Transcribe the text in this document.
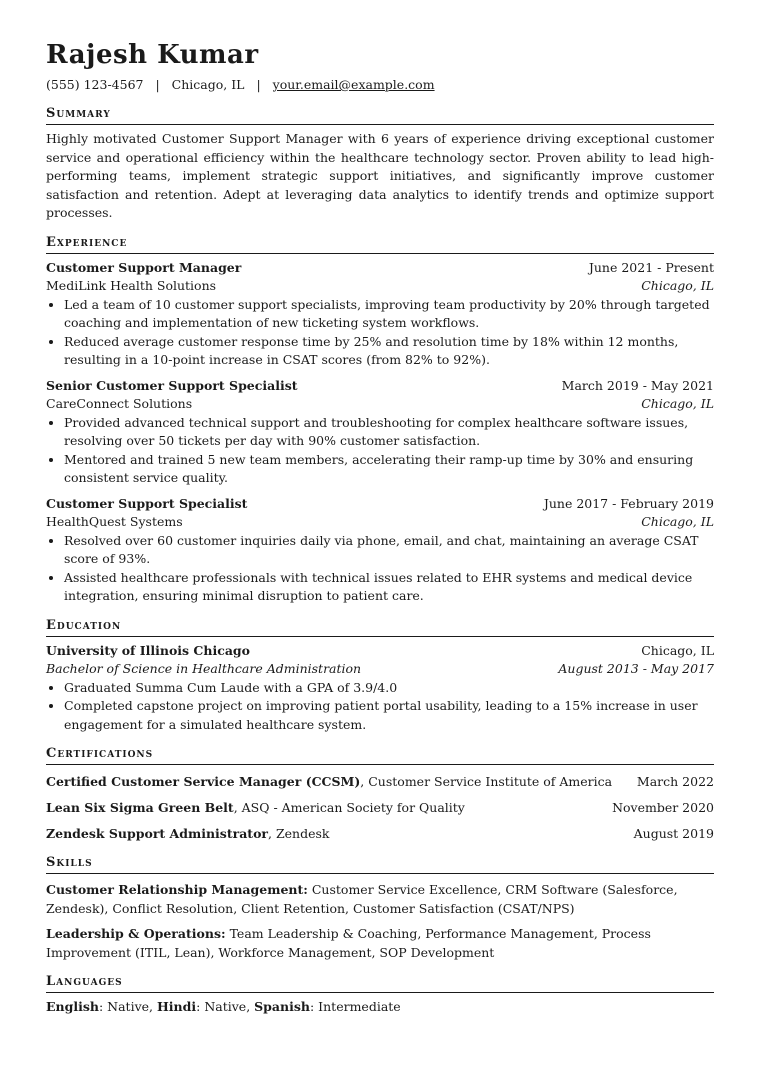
Rajesh Kumar
(555) 123-4567 | Chicago, IL | your.email@example.com
Summary
Highly motivated Customer Support Manager with 6 years of experience driving exceptional customer service and operational efficiency within the healthcare technology sector. Proven ability to lead high-performing teams, implement strategic support initiatives, and significantly improve customer satisfaction and retention. Adept at leveraging data analytics to identify trends and optimize support processes.
Experience
Customer Support Manager	June 2021 - Present
MediLink Health Solutions	Chicago, IL
• Led a team of 10 customer support specialists, improving team productivity by 20% through targeted coaching and implementation of new ticketing system workflows.
• Reduced average customer response time by 25% and resolution time by 18% within 12 months, resulting in a 10-point increase in CSAT scores (from 82% to 92%).
Senior Customer Support Specialist	March 2019 - May 2021
CareConnect Solutions	Chicago, IL
• Provided advanced technical support and troubleshooting for complex healthcare software issues, resolving over 50 tickets per day with 90% customer satisfaction.
• Mentored and trained 5 new team members, accelerating their ramp-up time by 30% and ensuring consistent service quality.
Customer Support Specialist	June 2017 - February 2019
HealthQuest Systems	Chicago, IL
• Resolved over 60 customer inquiries daily via phone, email, and chat, maintaining an average CSAT score of 93%.
• Assisted healthcare professionals with technical issues related to EHR systems and medical device integration, ensuring minimal disruption to patient care.
Education
University of Illinois Chicago	Chicago, IL
Bachelor of Science in Healthcare Administration	August 2013 - May 2017
• Graduated Summa Cum Laude with a GPA of 3.9/4.0
• Completed capstone project on improving patient portal usability, leading to a 15% increase in user engagement for a simulated healthcare system.
Certifications
Certified Customer Service Manager (CCSM), Customer Service Institute of America March 2022
Lean Six Sigma Green Belt, ASQ - American Society for Quality	November 2020
Zendesk Support Administrator, Zendesk	August 2019
Skills
Customer Relationship Management: Customer Service Excellence, CRM Software (Salesforce, Zendesk), Conflict Resolution, Client Retention, Customer Satisfaction (CSAT/NPS)
Leadership & Operations: Team Leadership & Coaching, Performance Management, Process Improvement (ITIL, Lean), Workforce Management, SOP Development
Languages
English: Native, Hindi: Native, Spanish: Intermediate
